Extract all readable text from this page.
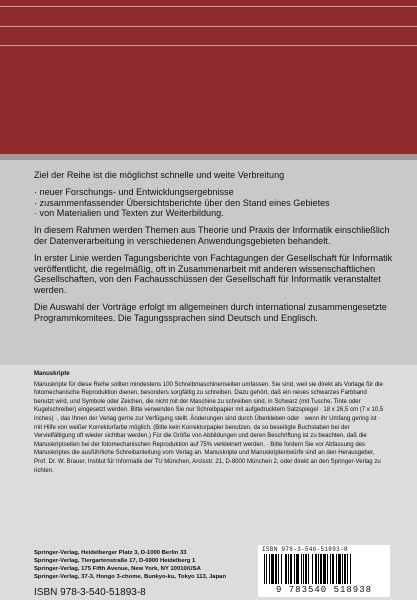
Ziel der Reihe ist die möglichst schnelle und weite Verbreitung

· neuer Forschungs- und Entwicklungsergebnisse
· zusammenfassender Übersichtsberichte über den Stand eines Gebietes
· von Materialien und Texten zur Weiterbildung.

In diesem Rahmen werden Themen aus Theorie und Praxis der Informatik einschließlich der Datenverarbeitung in verschiedenen Anwendungsgebieten behandelt.

In erster Linie werden Tagungsberichte von Fachtagungen der Gesellschaft für Informatik veröffentlicht, die regelmäßig, oft in Zusammenarbeit mit anderen wissenschaftlichen Gesellschaften, von den Fachausschüssen der Gesellschaft für Informatik veranstaltet werden.

Die Auswahl der Vorträge erfolgt im allgemeinen durch international zusammengesetzte Programmkomitees. Die Tagungssprachen sind Deutsch und Englisch.

Manuskripte

Manuskripte für diese Reihe sollten mindestens 100 Schreibmaschinenseiten umfassen. Sie sind, weil sie direkt als Vorlage für die fotomechanische Reproduktion dienen, besonders sorgfältig zu schreiben. Dazu gehört, daß ein neues schwarzes Farbband benutzt wird, und Symbole oder Zeichen, die nicht mit der Maschine zu schreiben sind, in Schwarz (mit Tusche, Tinte oder Kugelschreiber) eingesetzt werden. Bitte verwenden Sie nur Schreibpapier mit aufgedrucktem Satzspiegel · 18 x 26,5 cm (7 x 10,5 inches) ·, das Ihnen der Verlag gerne zur Verfügung stellt. Änderungen sind durch Überkleben oder · wenn ihr Umfang gering ist · mit Hilfe von weißer Korrekturfarbe möglich. (Bitte kein Korrekturpapier benutzen, da so beseitigte Buchstaben bei der Vervielfältigung oft wieder sichtbar werden.) Für die Größe von Abbildungen und deren Beschriftung ist zu beachten, daß die Manuskriptseiten bei der fotomechanischen Reproduktion auf 75% verkleinert werden. · Bitte fordern Sie vor Abfassung des Manuskriptes die ausführliche Schreibanleitung vom Verlag an. Manuskripte und Manuskriptentwürfe sind an den Herausgeber, Prof. Dr. W. Brauer, Institut für Informatik der TU München, Arcisstr. 21, D-8000 München 2, oder direkt an den Springer-Verlag zu richten.

Springer-Verlag, Heidelberger Platz 3, D-1000 Berlin 33
Springer-Verlag, Tiergartenstraße 17, D-6900 Heidelberg 1
Springer-Verlag, 175 Fifth Avenue, New York, NY 10010/USA
Springer-Verlag, 37-3, Hongo 3-chome, Bunkyo-ku, Tokyo 113, Japan
ISBN 978-3-540-51893-8
ISBN 978-3-540-51893-8
9 783540 518938
